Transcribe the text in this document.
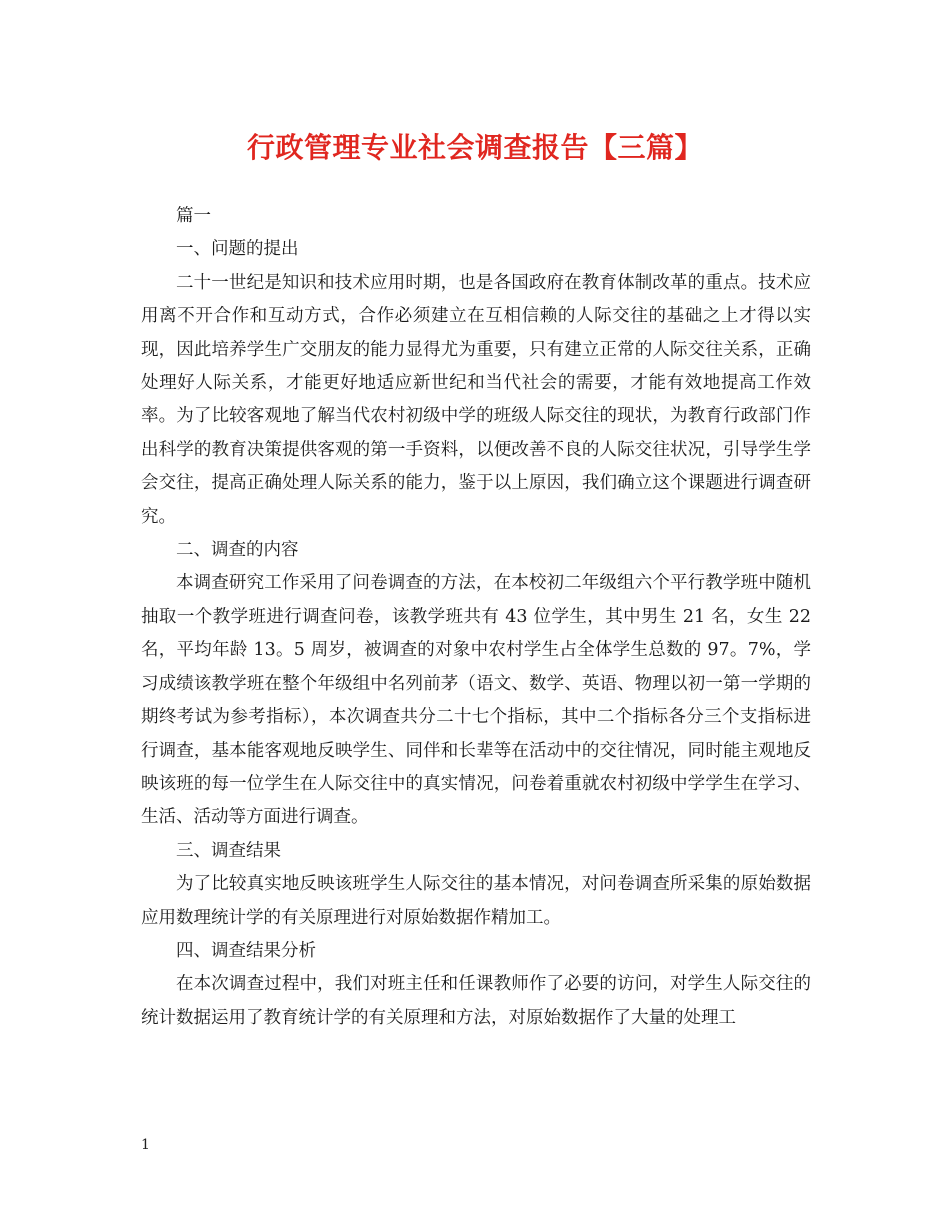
行政管理专业社会调查报告【三篇】

篇一

一、问题的提出

二十一世纪是知识和技术应用时期，也是各国政府在教育体制改革的重点。技术应用离不开合作和互动方式，合作必须建立在互相信赖的人际交往的基础之上才得以实现，因此培养学生广交朋友的能力显得尤为重要，只有建立正常的人际交往关系，正确处理好人际关系，才能更好地适应新世纪和当代社会的需要，才能有效地提高工作效率。为了比较客观地了解当代农村初级中学的班级人际交往的现状，为教育行政部门作出科学的教育决策提供客观的第一手资料，以便改善不良的人际交往状况，引导学生学会交往，提高正确处理人际关系的能力，鉴于以上原因，我们确立这个课题进行调查研究。

二、调查的内容

本调查研究工作采用了问卷调查的方法，在本校初二年级组六个平行教学班中随机抽取一个教学班进行调查问卷，该教学班共有 43 位学生，其中男生 21 名，女生 22 名，平均年龄 13。5 周岁，被调查的对象中农村学生占全体学生总数的 97。7%，学习成绩该教学班在整个年级组中名列前茅（语文、数学、英语、物理以初一第一学期的期终考试为参考指标），本次调查共分二十七个指标，其中二个指标各分三个支指标进行调查，基本能客观地反映学生、同伴和长辈等在活动中的交往情况，同时能主观地反映该班的每一位学生在人际交往中的真实情况，问卷着重就农村初级中学学生在学习、生活、活动等方面进行调查。

三、调查结果

为了比较真实地反映该班学生人际交往的基本情况，对问卷调查所采集的原始数据应用数理统计学的有关原理进行对原始数据作精加工。

四、调查结果分析

在本次调查过程中，我们对班主任和任课教师作了必要的访问，对学生人际交往的统计数据运用了教育统计学的有关原理和方法，对原始数据作了大量的处理工

1
